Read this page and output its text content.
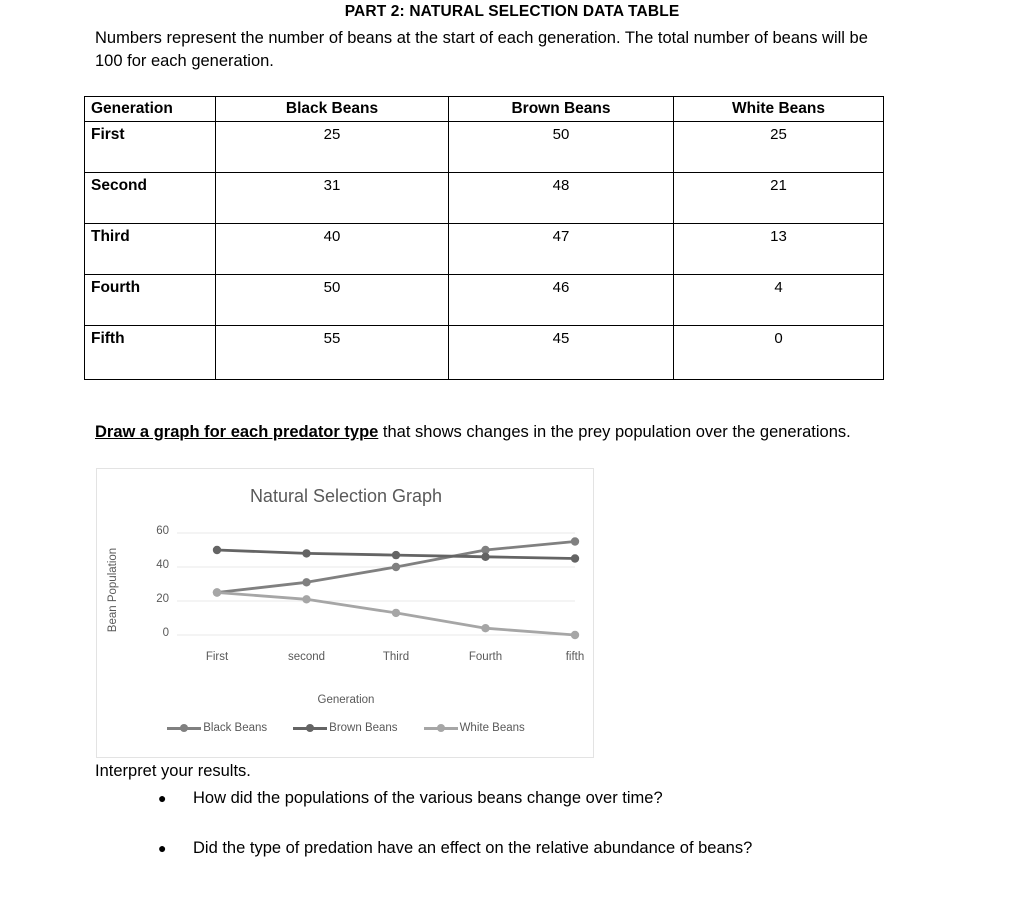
PART 2: NATURAL SELECTION DATA TABLE
Numbers represent the number of beans at the start of each generation. The total number of beans will be 100 for each generation.
Generation	Black Beans	Brown Beans	White Beans
First	25	50	25
Second	31	48	21
Third	40	47	13
Fourth	50	46	4
Fifth	55	45	0
Draw a graph for each predator type that shows changes in the prey population over the generations.
Natural Selection Graph
Bean Population
0
20
40
60
First	second	Third	Fourth	fifth
Generation
Black Beans	Brown Beans	White Beans
Interpret your results.
●	How did the populations of the various beans change over time?
●	Did the type of predation have an effect on the relative abundance of beans?
